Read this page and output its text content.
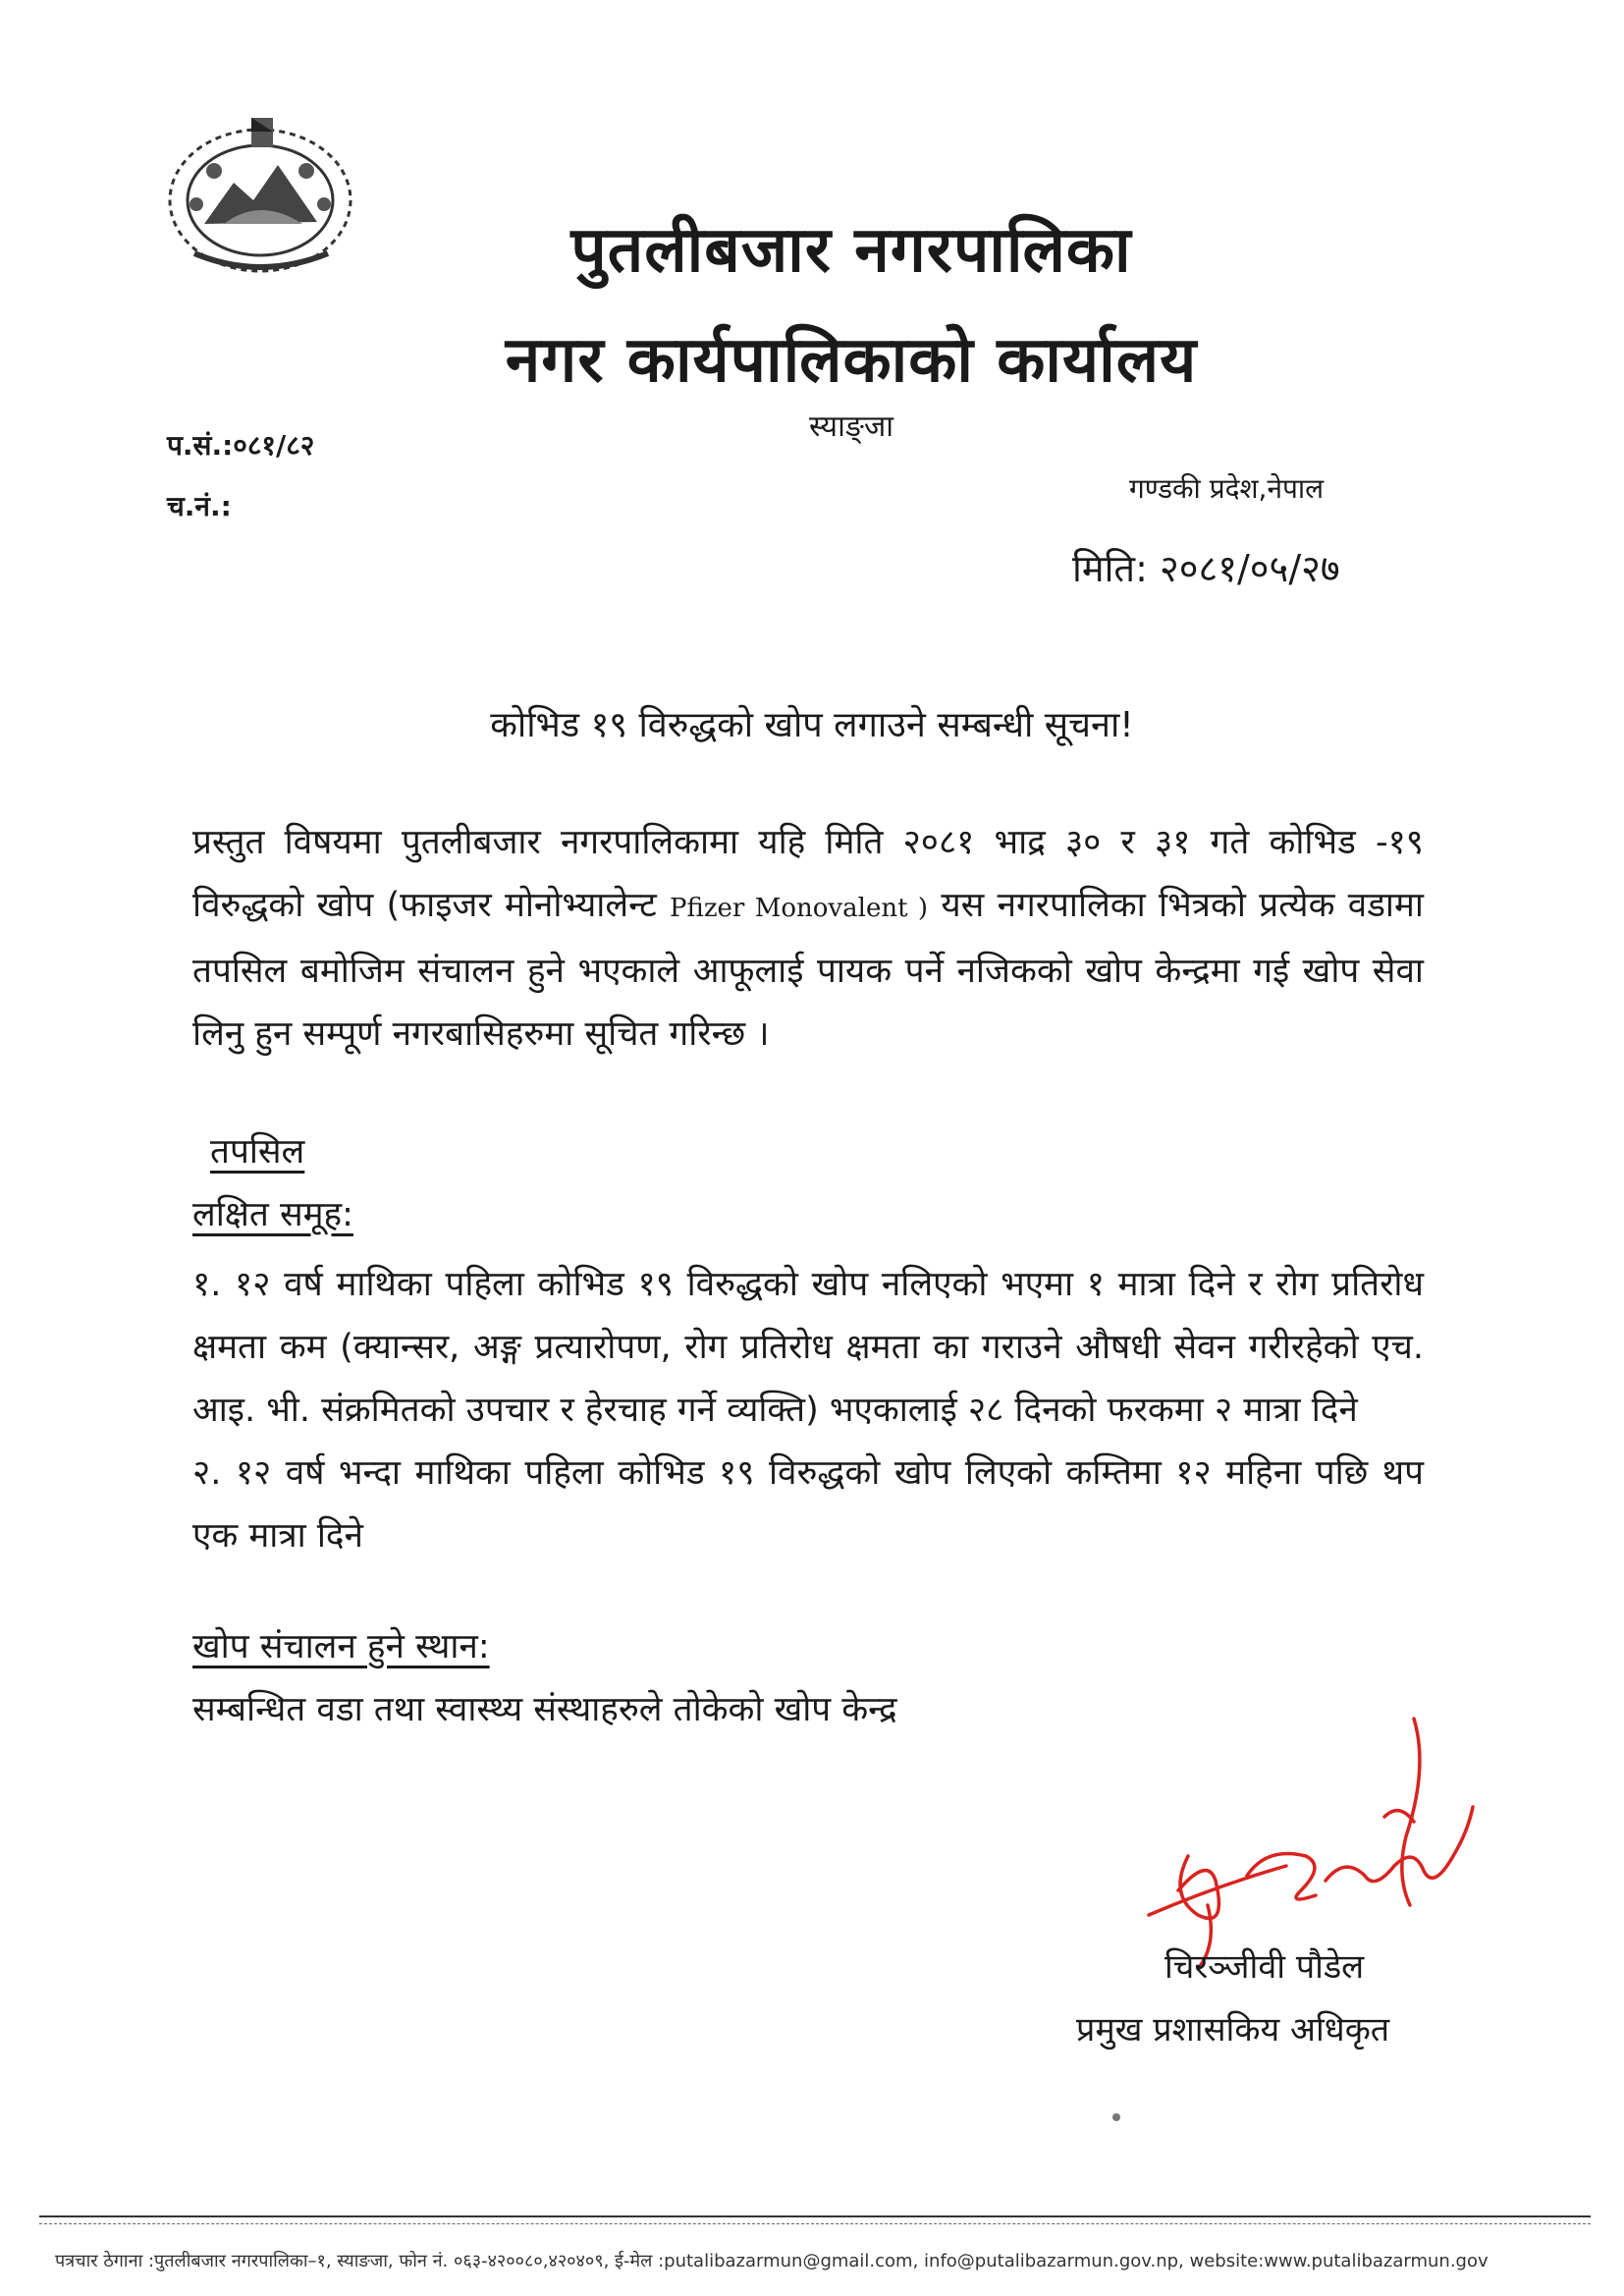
पुतलीबजार नगरपालिका
नगर कार्यपालिकाको कार्यालय
स्याङ्जा
प.सं.:०८१/८२
च.नं.:
गण्डकी प्रदेश,नेपाल
मिति: २०८१/०५/२७
कोभिड १९ विरुद्धको खोप लगाउने सम्बन्धी सूचना!
प्रस्तुत विषयमा पुतलीबजार नगरपालिकामा यहि मिति २०८१ भाद्र ३० र ३१ गते कोभिड -१९ विरुद्धको खोप (फाइजर मोनोभ्यालेन्ट Pfizer Monovalent ) यस नगरपालिका भित्रको प्रत्येक वडामा तपसिल बमोजिम संचालन हुने भएकाले आफूलाई पायक पर्ने नजिकको खोप केन्द्रमा गई खोप सेवा लिनु हुन सम्पूर्ण नगरबासिहरुमा सूचित गरिन्छ ।
तपसिल
लक्षित समूह:

१. १२ वर्ष माथिका पहिला कोभिड १९ विरुद्धको खोप नलिएको भएमा १ मात्रा दिने र रोग प्रतिरोध क्षमता कम (क्यान्सर, अङ्ग प्रत्यारोपण, रोग प्रतिरोध क्षमता का गराउने औषधी सेवन गरीरहेको एच. आइ. भी. संक्रमितको उपचार र हेरचाह गर्ने व्यक्ति) भएकालाई २८ दिनको फरकमा २ मात्रा दिने

२. १२ वर्ष भन्दा माथिका पहिला कोभिड १९ विरुद्धको खोप लिएको कम्तिमा १२ महिना पछि थप एक मात्रा दिने

खोप संचालन हुने स्थान:
सम्बन्धित वडा तथा स्वास्थ्य संस्थाहरुले तोकेको खोप केन्द्र
चिरञ्जीवी पौडेल
प्रमुख प्रशासकिय अधिकृत
पत्रचार ठेगाना :पुतलीबजार नगरपालिका–१, स्याङजा, फोन नं. ०६३-४२००८०,४२०४०९, ई-मेल :putalibazarmun@gmail.com, info@putalibazarmun.gov.np, website:www.putalibazarmun.gov
